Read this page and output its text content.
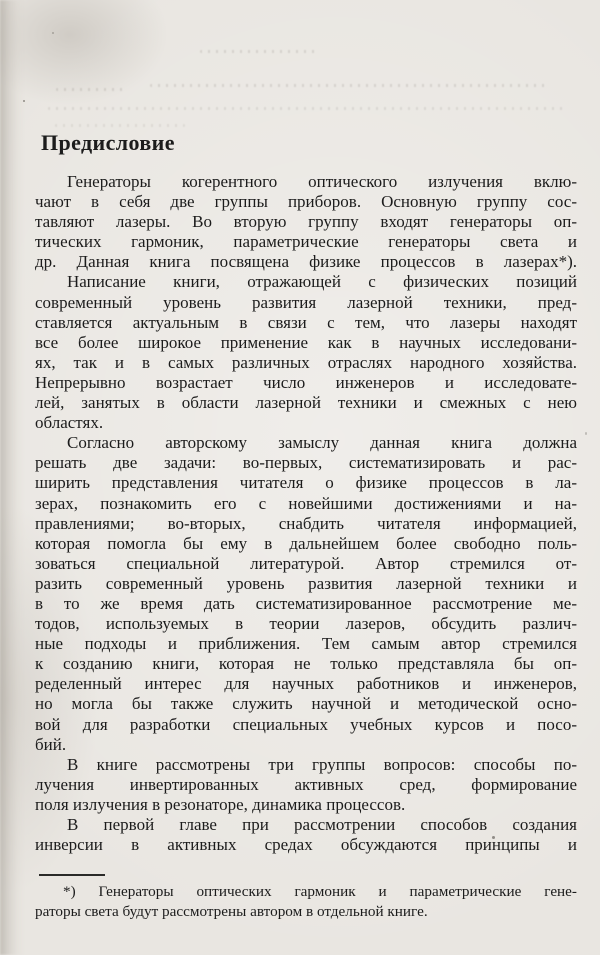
Предисловие
Генераторы когерентного оптического излучения вклю-
чают в себя две группы приборов. Основную группу сос-
тавляют лазеры. Во вторую группу входят генераторы оп-
тических гармоник, параметрические генераторы света и
др. Данная книга посвящена физике процессов в лазерах*).
Написание книги, отражающей с физических позиций
современный уровень развития лазерной техники, пред-
ставляется актуальным в связи с тем, что лазеры находят
все более широкое применение как в научных исследовани-
ях, так и в самых различных отраслях народного хозяйства.
Непрерывно возрастает число инженеров и исследовате-
лей, занятых в области лазерной техники и смежных с нею
областях.
Согласно авторскому замыслу данная книга должна
решать две задачи: во-первых, систематизировать и рас-
ширить представления читателя о физике процессов в ла-
зерах, познакомить его с новейшими достижениями и на-
правлениями; во-вторых, снабдить читателя информацией,
которая помогла бы ему в дальнейшем более свободно поль-
зоваться специальной литературой. Автор стремился от-
разить современный уровень развития лазерной техники и
в то же время дать систематизированное рассмотрение ме-
тодов, используемых в теории лазеров, обсудить различ-
ные подходы и приближения. Тем самым автор стремился
к созданию книги, которая не только представляла бы оп-
ределенный интерес для научных работников и инженеров,
но могла бы также служить научной и методической осно-
вой для разработки специальных учебных курсов и посо-
бий.
В книге рассмотрены три группы вопросов: способы по-
лучения инвертированных активных сред, формирование
поля излучения в резонаторе, динамика процессов.
В первой главе при рассмотрении способов создания
инверсии в активных средах обсуждаются принципы и
*) Генераторы оптических гармоник и параметрические гене-
раторы света будут рассмотрены автором в отдельной книге.
